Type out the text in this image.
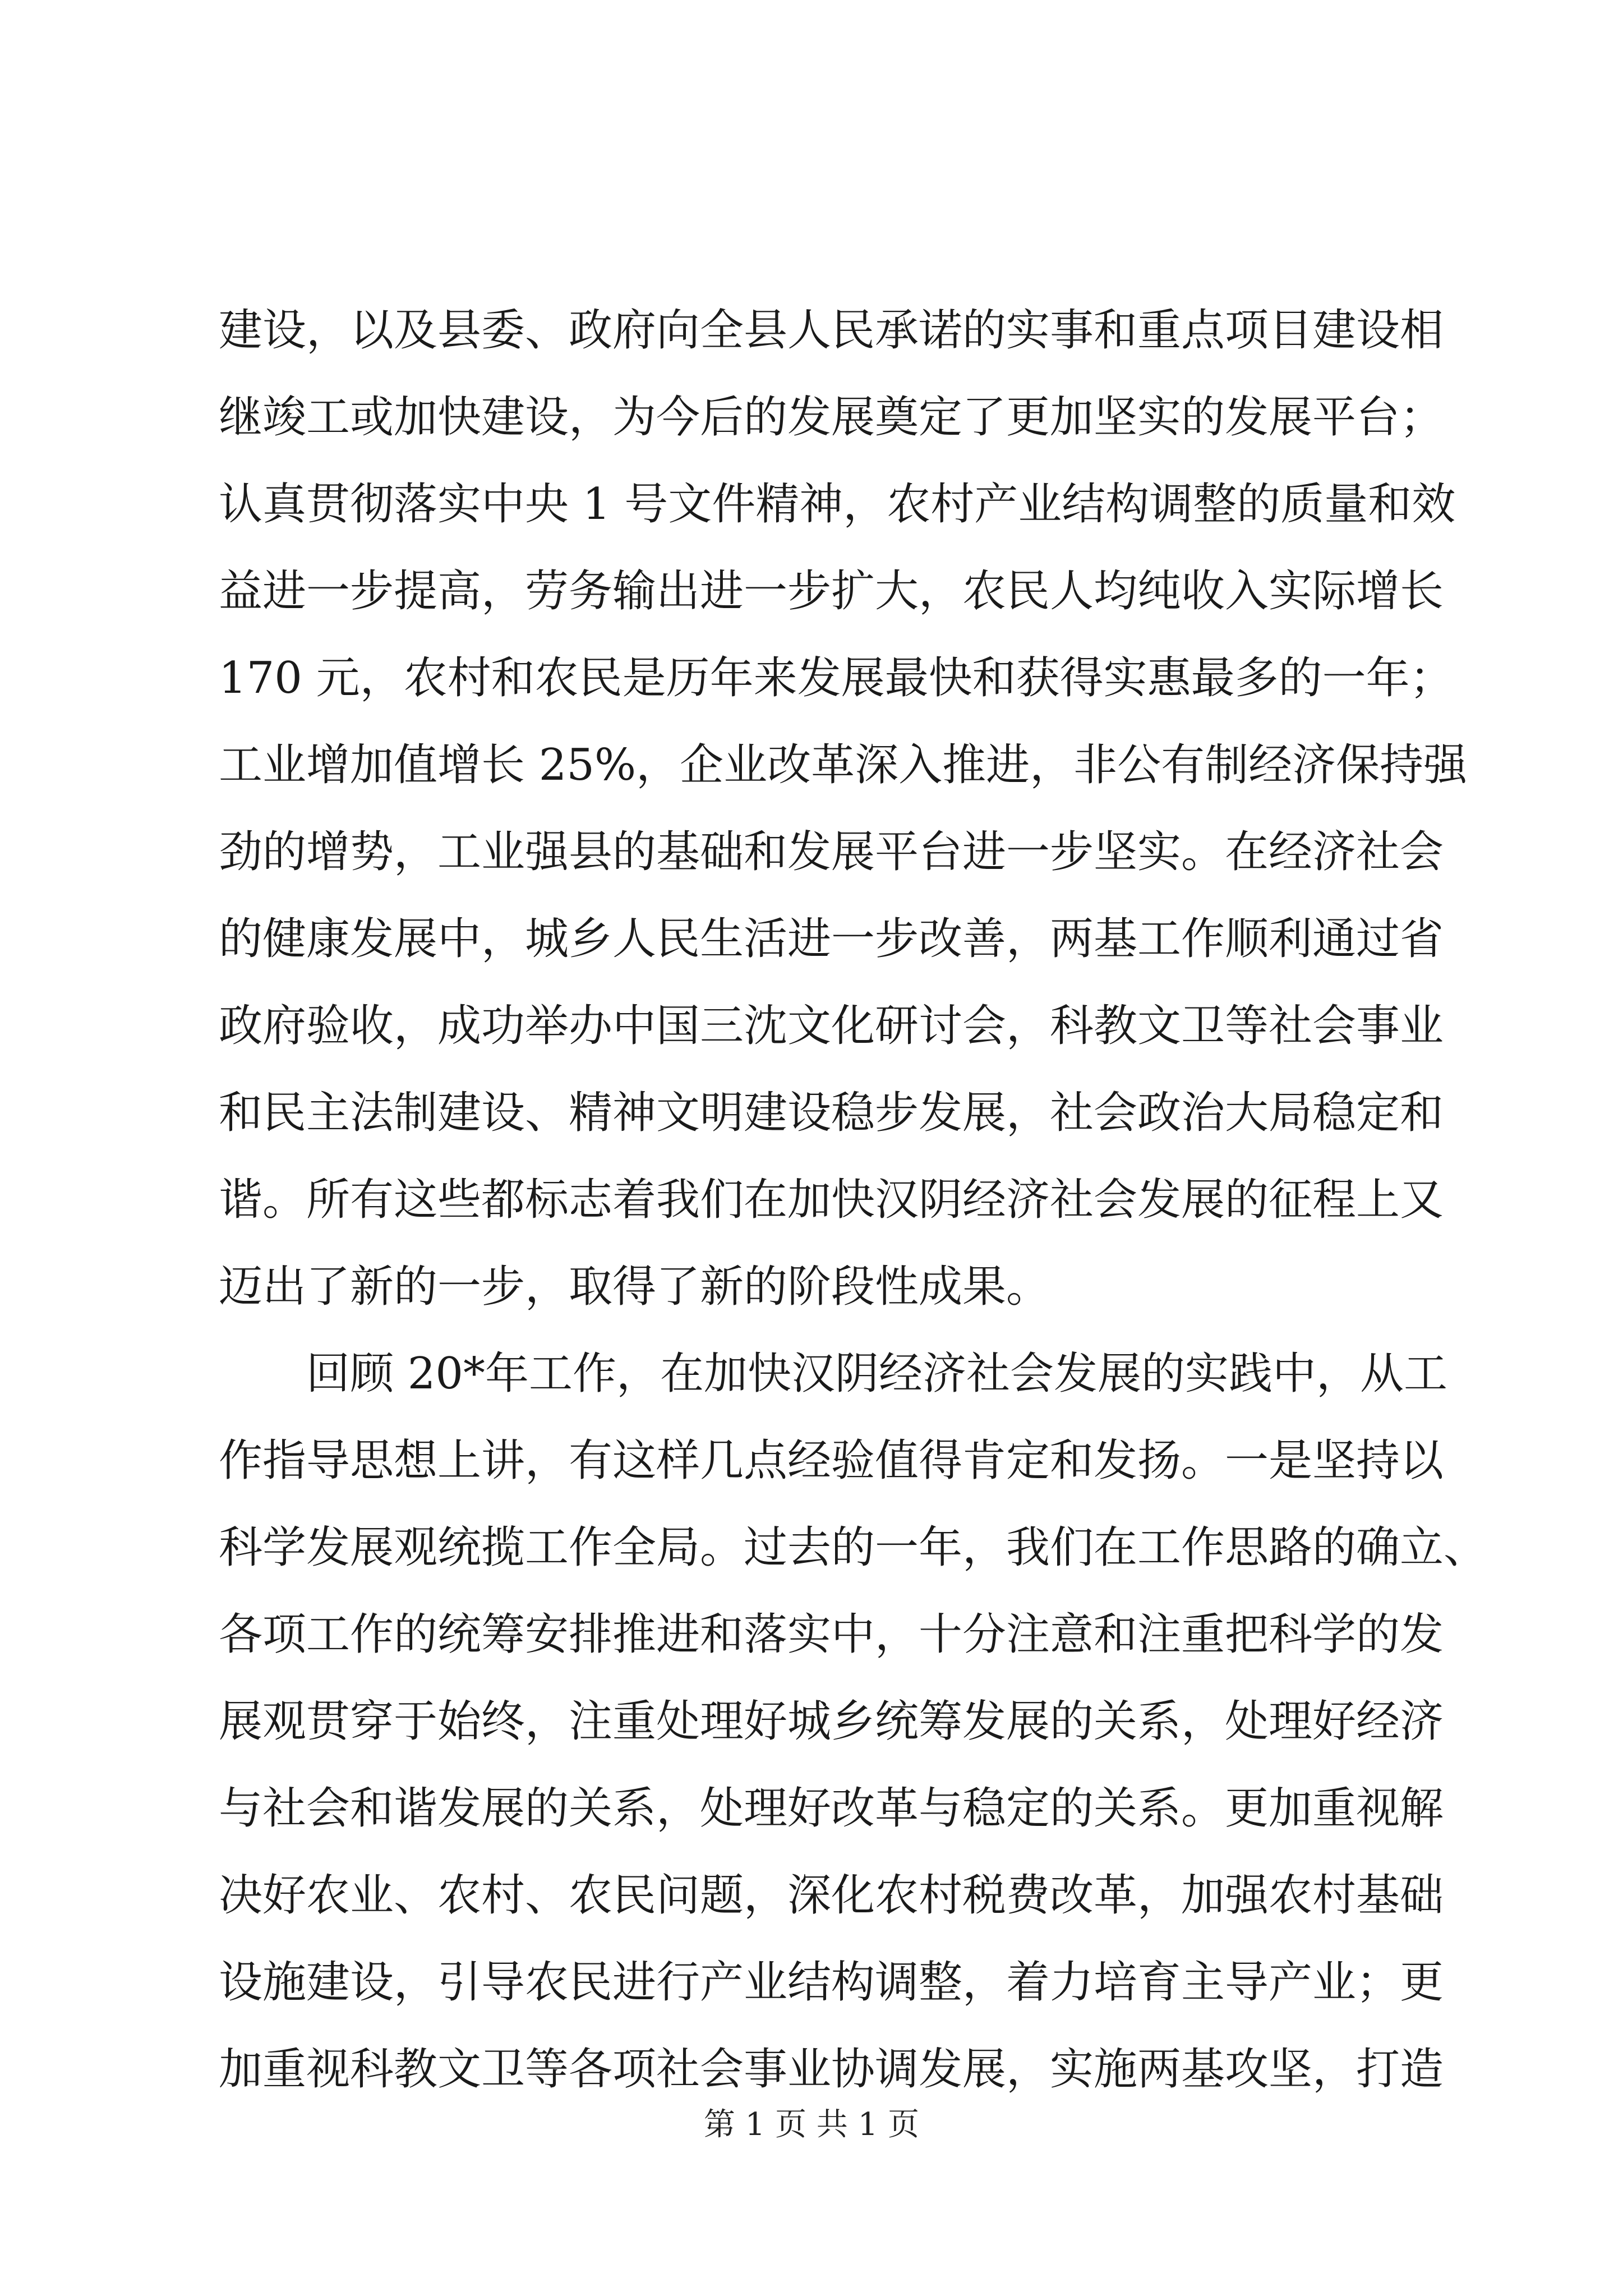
建设，以及县委、政府向全县人民承诺的实事和重点项目建设相
继竣工或加快建设，为今后的发展奠定了更加坚实的发展平台；
认真贯彻落实中央 1 号文件精神，农村产业结构调整的质量和效
益进一步提高，劳务输出进一步扩大，农民人均纯收入实际增长
170 元，农村和农民是历年来发展最快和获得实惠最多的一年；
工业增加值增长 25%，企业改革深入推进，非公有制经济保持强
劲的增势，工业强县的基础和发展平台进一步坚实。在经济社会
的健康发展中，城乡人民生活进一步改善，两基工作顺利通过省
政府验收，成功举办中国三沈文化研讨会，科教文卫等社会事业
和民主法制建设、精神文明建设稳步发展，社会政治大局稳定和
谐。所有这些都标志着我们在加快汉阴经济社会发展的征程上又
迈出了新的一步，取得了新的阶段性成果。
回顾 20*年工作，在加快汉阴经济社会发展的实践中，从工
作指导思想上讲，有这样几点经验值得肯定和发扬。一是坚持以
科学发展观统揽工作全局。过去的一年，我们在工作思路的确立、
各项工作的统筹安排推进和落实中，十分注意和注重把科学的发
展观贯穿于始终，注重处理好城乡统筹发展的关系，处理好经济
与社会和谐发展的关系，处理好改革与稳定的关系。更加重视解
决好农业、农村、农民问题，深化农村税费改革，加强农村基础
设施建设，引导农民进行产业结构调整，着力培育主导产业；更
加重视科教文卫等各项社会事业协调发展，实施两基攻坚，打造
第 1 页 共 1 页
